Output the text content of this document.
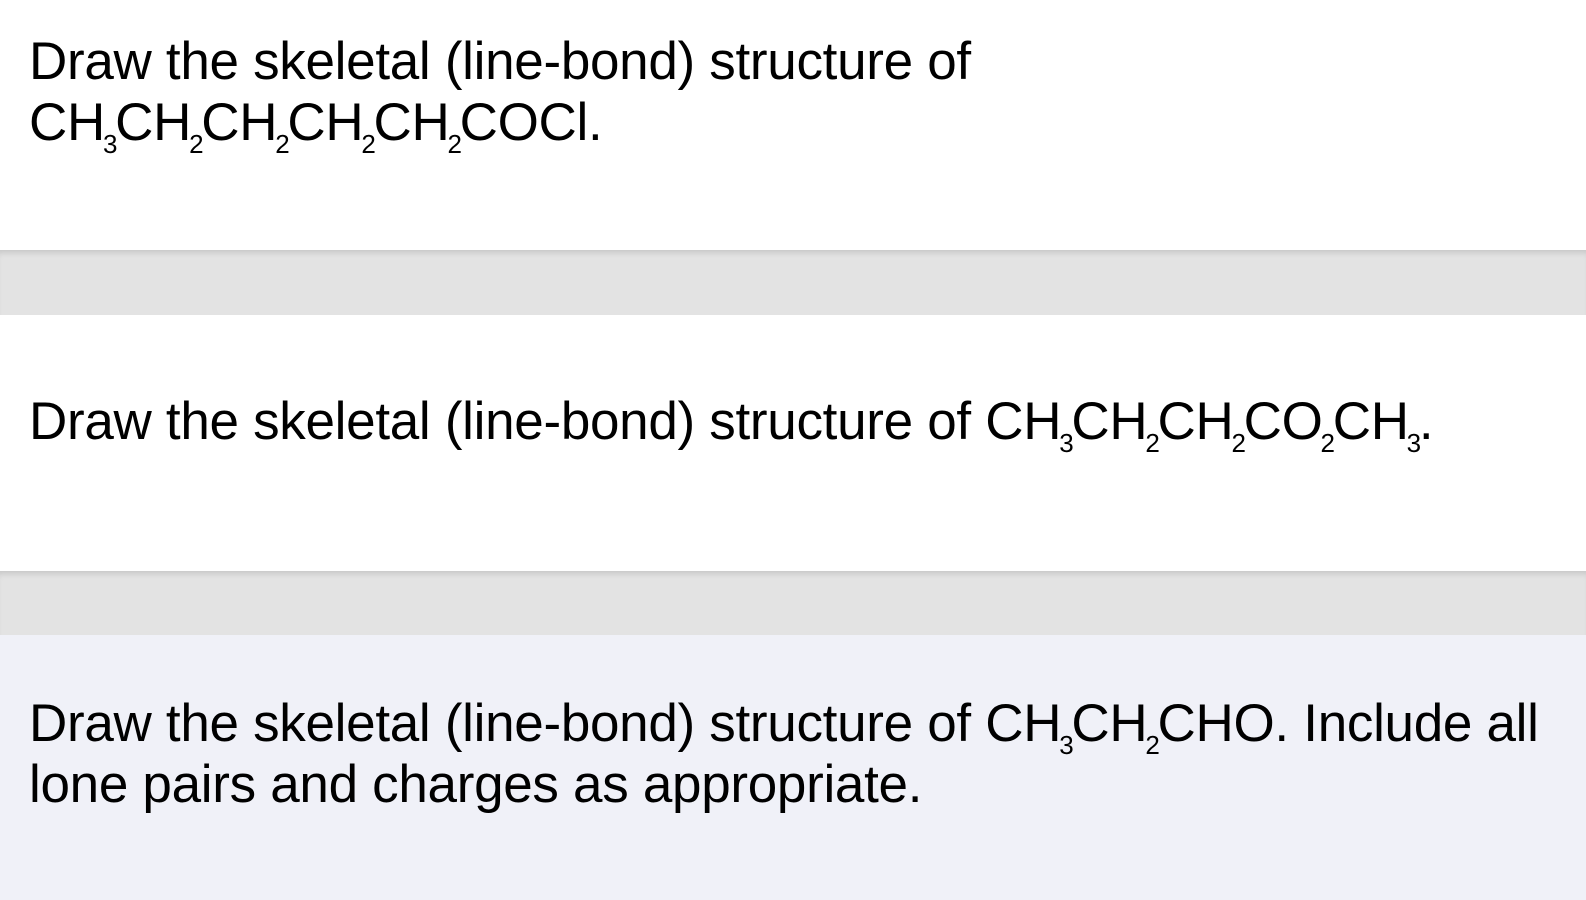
Draw the skeletal (line-bond) structure of
$CH_3CH_2CH_2CH_2CH_2COCl$.

Draw the skeletal (line-bond) structure of $CH_3CH_2CH_2CO_2CH_3$.

Draw the skeletal (line-bond) structure of $CH_3CH_2CHO$. Include all lone pairs and charges as appropriate.
